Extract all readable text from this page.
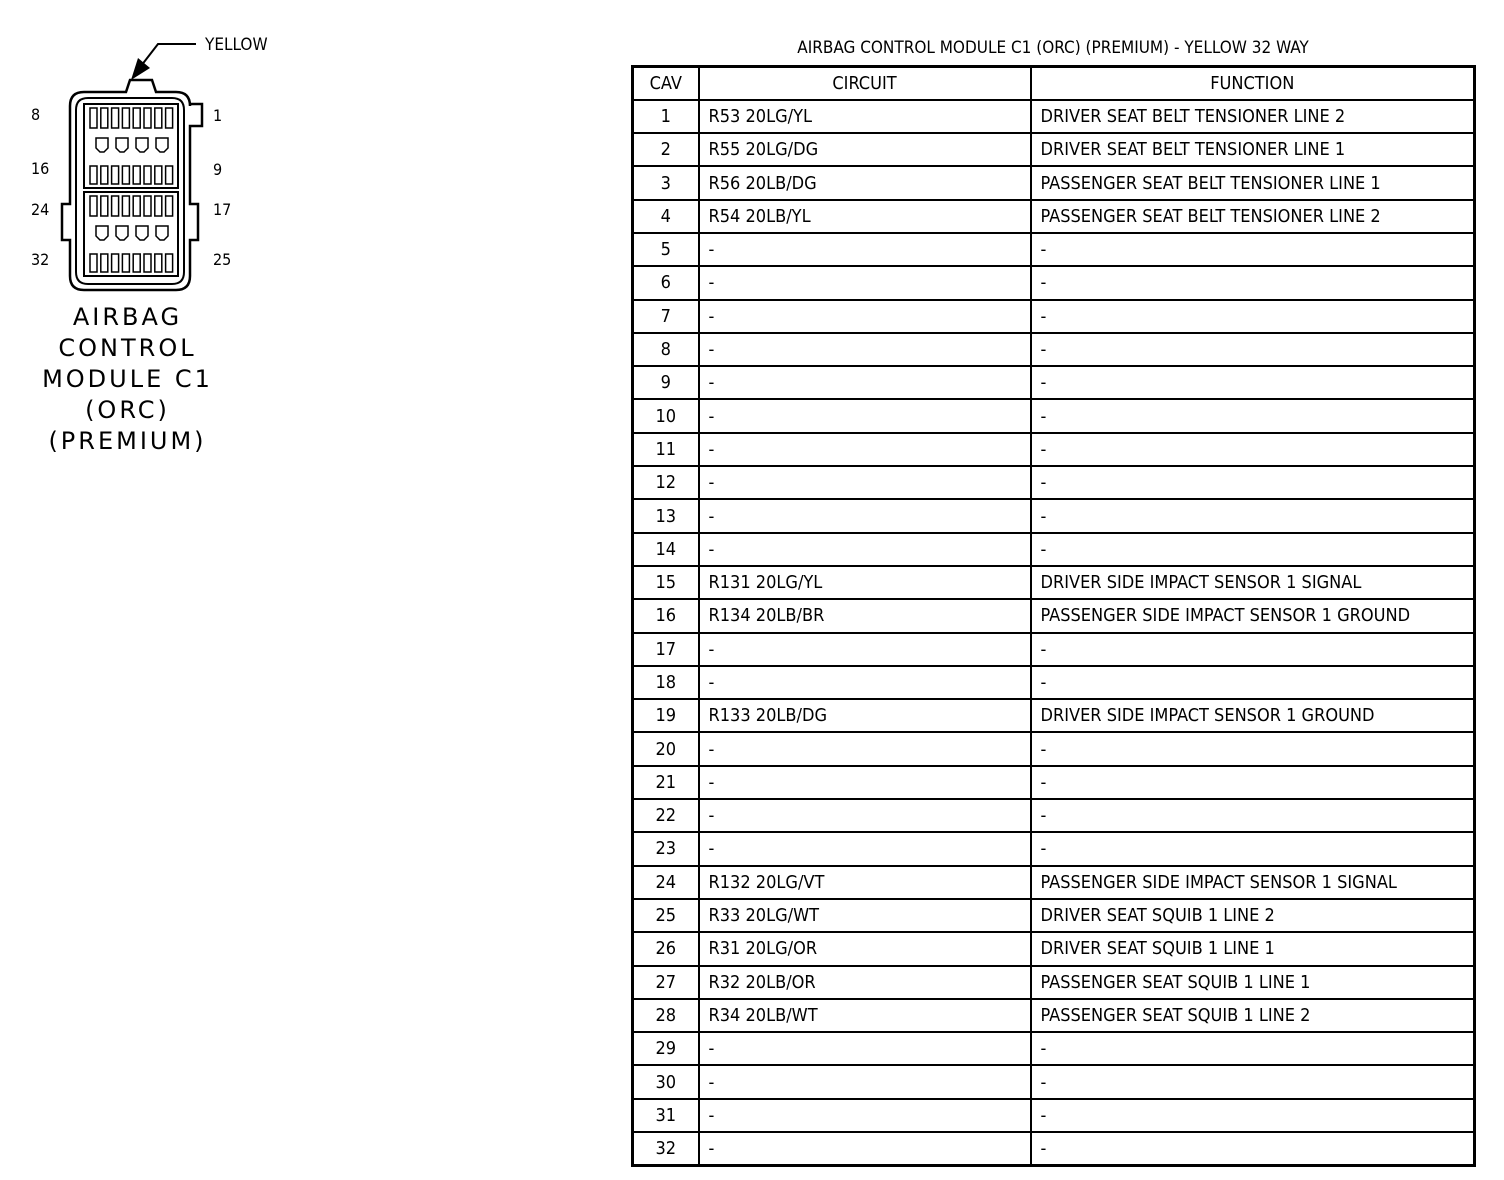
YELLOW
8	1
16	9
24	17
32	25
AIRBAG
CONTROL
MODULE C1
(ORC)
(PREMIUM)
AIRBAG CONTROL MODULE C1 (ORC) (PREMIUM) - YELLOW 32 WAY
CAV	CIRCUIT	FUNCTION
1	R53 20LG/YL	DRIVER SEAT BELT TENSIONER LINE 2
2	R55 20LG/DG	DRIVER SEAT BELT TENSIONER LINE 1
3	R56 20LB/DG	PASSENGER SEAT BELT TENSIONER LINE 1
4	R54 20LB/YL	PASSENGER SEAT BELT TENSIONER LINE 2
5	-	-
6	-	-
7	-	-
8	-	-
9	-	-
10	-	-
11	-	-
12	-	-
13	-	-
14	-	-
15	R131 20LG/YL	DRIVER SIDE IMPACT SENSOR 1 SIGNAL
16	R134 20LB/BR	PASSENGER SIDE IMPACT SENSOR 1 GROUND
17	-	-
18	-	-
19	R133 20LB/DG	DRIVER SIDE IMPACT SENSOR 1 GROUND
20	-	-
21	-	-
22	-	-
23	-	-
24	R132 20LG/VT	PASSENGER SIDE IMPACT SENSOR 1 SIGNAL
25	R33 20LG/WT	DRIVER SEAT SQUIB 1 LINE 2
26	R31 20LG/OR	DRIVER SEAT SQUIB 1 LINE 1
27	R32 20LB/OR	PASSENGER SEAT SQUIB 1 LINE 1
28	R34 20LB/WT	PASSENGER SEAT SQUIB 1 LINE 2
29	-	-
30	-	-
31	-	-
32	-	-
